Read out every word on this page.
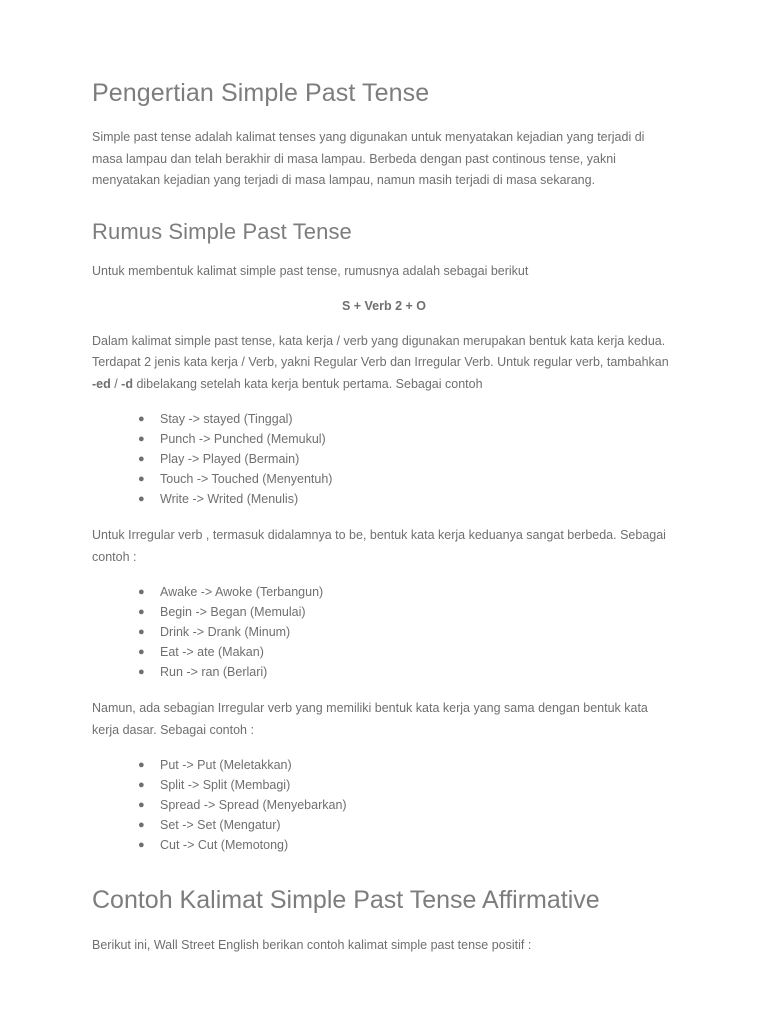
Pengertian Simple Past Tense

Simple past tense adalah kalimat tenses yang digunakan untuk menyatakan kejadian yang terjadi di masa lampau dan telah berakhir di masa lampau. Berbeda dengan past continous tense, yakni menyatakan kejadian yang terjadi di masa lampau, namun masih terjadi di masa sekarang.

Rumus Simple Past Tense

Untuk membentuk kalimat simple past tense, rumusnya adalah sebagai berikut

S + Verb 2 + O

Dalam kalimat simple past tense, kata kerja / verb yang digunakan merupakan bentuk kata kerja kedua. Terdapat 2 jenis kata kerja / Verb, yakni Regular Verb dan Irregular Verb. Untuk regular verb, tambahkan -ed / -d dibelakang setelah kata kerja bentuk pertama. Sebagai contoh

● Stay -> stayed (Tinggal)
● Punch -> Punched (Memukul)
● Play -> Played (Bermain)
● Touch -> Touched (Menyentuh)
● Write -> Writed (Menulis)

Untuk Irregular verb , termasuk didalamnya to be, bentuk kata kerja keduanya sangat berbeda. Sebagai contoh :

● Awake -> Awoke (Terbangun)
● Begin -> Began (Memulai)
● Drink -> Drank (Minum)
● Eat -> ate (Makan)
● Run -> ran (Berlari)

Namun, ada sebagian Irregular verb yang memiliki bentuk kata kerja yang sama dengan bentuk kata kerja dasar. Sebagai contoh :

● Put -> Put (Meletakkan)
● Split -> Split (Membagi)
● Spread -> Spread (Menyebarkan)
● Set -> Set (Mengatur)
● Cut -> Cut (Memotong)
Contoh Kalimat Simple Past Tense Affirmative

Berikut ini, Wall Street English berikan contoh kalimat simple past tense positif :
